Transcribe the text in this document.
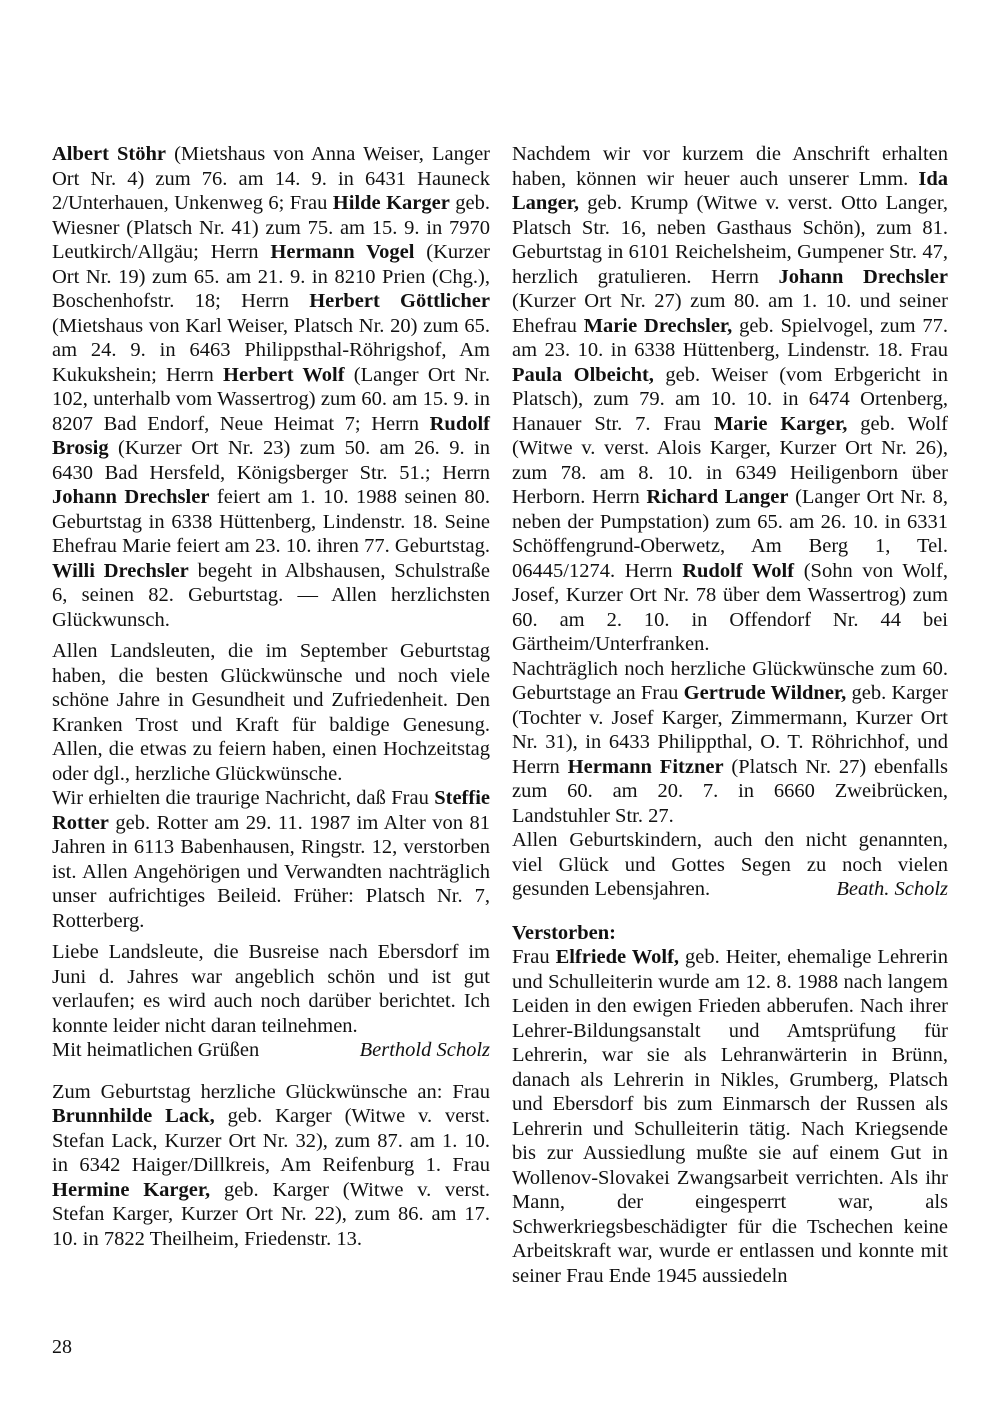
Albert Stöhr (Mietshaus von Anna Weiser, Langer Ort Nr. 4) zum 76. am 14. 9. in 6431 Hauneck 2/Unterhauen, Unkenweg 6; Frau Hilde Karger geb. Wiesner (Platsch Nr. 41) zum 75. am 15. 9. in 7970 Leutkirch/Allgäu; Herrn Hermann Vogel (Kurzer Ort Nr. 19) zum 65. am 21. 9. in 8210 Prien (Chg.), Boschenhofstr. 18; Herrn Herbert Göttlicher (Mietshaus von Karl Weiser, Platsch Nr. 20) zum 65. am 24. 9. in 6463 Philippsthal-Röhrigshof, Am Kukukshein; Herrn Herbert Wolf (Langer Ort Nr. 102, unterhalb vom Wassertrog) zum 60. am 15. 9. in 8207 Bad Endorf, Neue Heimat 7; Herrn Rudolf Brosig (Kurzer Ort Nr. 23) zum 50. am 26. 9. in 6430 Bad Hersfeld, Königsberger Str. 51.; Herrn Johann Drechsler feiert am 1. 10. 1988 seinen 80. Geburtstag in 6338 Hüttenberg, Lindenstr. 18. Seine Ehefrau Marie feiert am 23. 10. ihren 77. Geburtstag. Willi Drechsler begeht in Albshausen, Schulstraße 6, seinen 82. Geburtstag. — Allen herzlichsten Glückwunsch.

Allen Landsleuten, die im September Geburtstag haben, die besten Glückwünsche und noch viele schöne Jahre in Gesundheit und Zufriedenheit. Den Kranken Trost und Kraft für baldige Genesung. Allen, die etwas zu feiern haben, einen Hochzeitstag oder dgl., herzliche Glückwünsche.

Wir erhielten die traurige Nachricht, daß Frau Steffie Rotter geb. Rotter am 29. 11. 1987 im Alter von 81 Jahren in 6113 Babenhausen, Ringstr. 12, verstorben ist. Allen Angehörigen und Verwandten nachträglich unser aufrichtiges Beileid. Früher: Platsch Nr. 7, Rotterberg.

Liebe Landsleute, die Busreise nach Ebersdorf im Juni d. Jahres war angeblich schön und ist gut verlaufen; es wird auch noch darüber berichtet. Ich konnte leider nicht daran teilnehmen.

Mit heimatlichen Grüßen	Berthold Scholz

Zum Geburtstag herzliche Glückwünsche an: Frau Brunnhilde Lack, geb. Karger (Witwe v. verst. Stefan Lack, Kurzer Ort Nr. 32), zum 87. am 1. 10. in 6342 Haiger/Dillkreis, Am Reifenburg 1. Frau Hermine Karger, geb. Karger (Witwe v. verst. Stefan Karger, Kurzer Ort Nr. 22), zum 86. am 17. 10. in 7822 Theilheim, Friedenstr. 13.

Nachdem wir vor kurzem die Anschrift erhalten haben, können wir heuer auch unserer Lmm. Ida Langer, geb. Krump (Witwe v. verst. Otto Langer, Platsch Str. 16, neben Gasthaus Schön), zum 81. Geburtstag in 6101 Reichelsheim, Gumpener Str. 47, herzlich gratulieren. Herrn Johann Drechsler (Kurzer Ort Nr. 27) zum 80. am 1. 10. und seiner Ehefrau Marie Drechsler, geb. Spielvogel, zum 77. am 23. 10. in 6338 Hüttenberg, Lindenstr. 18. Frau Paula Olbeicht, geb. Weiser (vom Erbgericht in Platsch), zum 79. am 10. 10. in 6474 Ortenberg, Hanauer Str. 7. Frau Marie Karger, geb. Wolf (Witwe v. verst. Alois Karger, Kurzer Ort Nr. 26), zum 78. am 8. 10. in 6349 Heiligenborn über Herborn. Herrn Richard Langer (Langer Ort Nr. 8, neben der Pumpstation) zum 65. am 26. 10. in 6331 Schöffengrund-Oberwetz, Am Berg 1, Tel. 06445/1274. Herrn Rudolf Wolf (Sohn von Wolf, Josef, Kurzer Ort Nr. 78 über dem Wassertrog) zum 60. am 2. 10. in Offendorf Nr. 44 bei Gärtheim/Unterfranken.

Nachträglich noch herzliche Glückwünsche zum 60. Geburtstage an Frau Gertrude Wildner, geb. Karger (Tochter v. Josef Karger, Zimmermann, Kurzer Ort Nr. 31), in 6433 Philippthal, O. T. Röhrichhof, und Herrn Hermann Fitzner (Platsch Nr. 27) ebenfalls zum 60. am 20. 7. in 6660 Zweibrücken, Landstuhler Str. 27.

Allen Geburtskindern, auch den nicht genannten, viel Glück und Gottes Segen zu noch vielen gesunden Lebensjahren.	Beath. Scholz

Verstorben:

Frau Elfriede Wolf, geb. Heiter, ehemalige Lehrerin und Schulleiterin wurde am 12. 8. 1988 nach langem Leiden in den ewigen Frieden abberufen. Nach ihrer Lehrer-Bildungsanstalt und Amtsprüfung für Lehrerin, war sie als Lehranwärterin in Brünn, danach als Lehrerin in Nikles, Grumberg, Platsch und Ebersdorf bis zum Einmarsch der Russen als Lehrerin und Schulleiterin tätig. Nach Kriegsende bis zur Aussiedlung mußte sie auf einem Gut in Wollenov-Slovakei Zwangsarbeit verrichten. Als ihr Mann, der eingesperrt war, als Schwerkriegsbeschädigter für die Tschechen keine Arbeitskraft war, wurde er entlassen und konnte mit seiner Frau Ende 1945 aussiedeln

28
